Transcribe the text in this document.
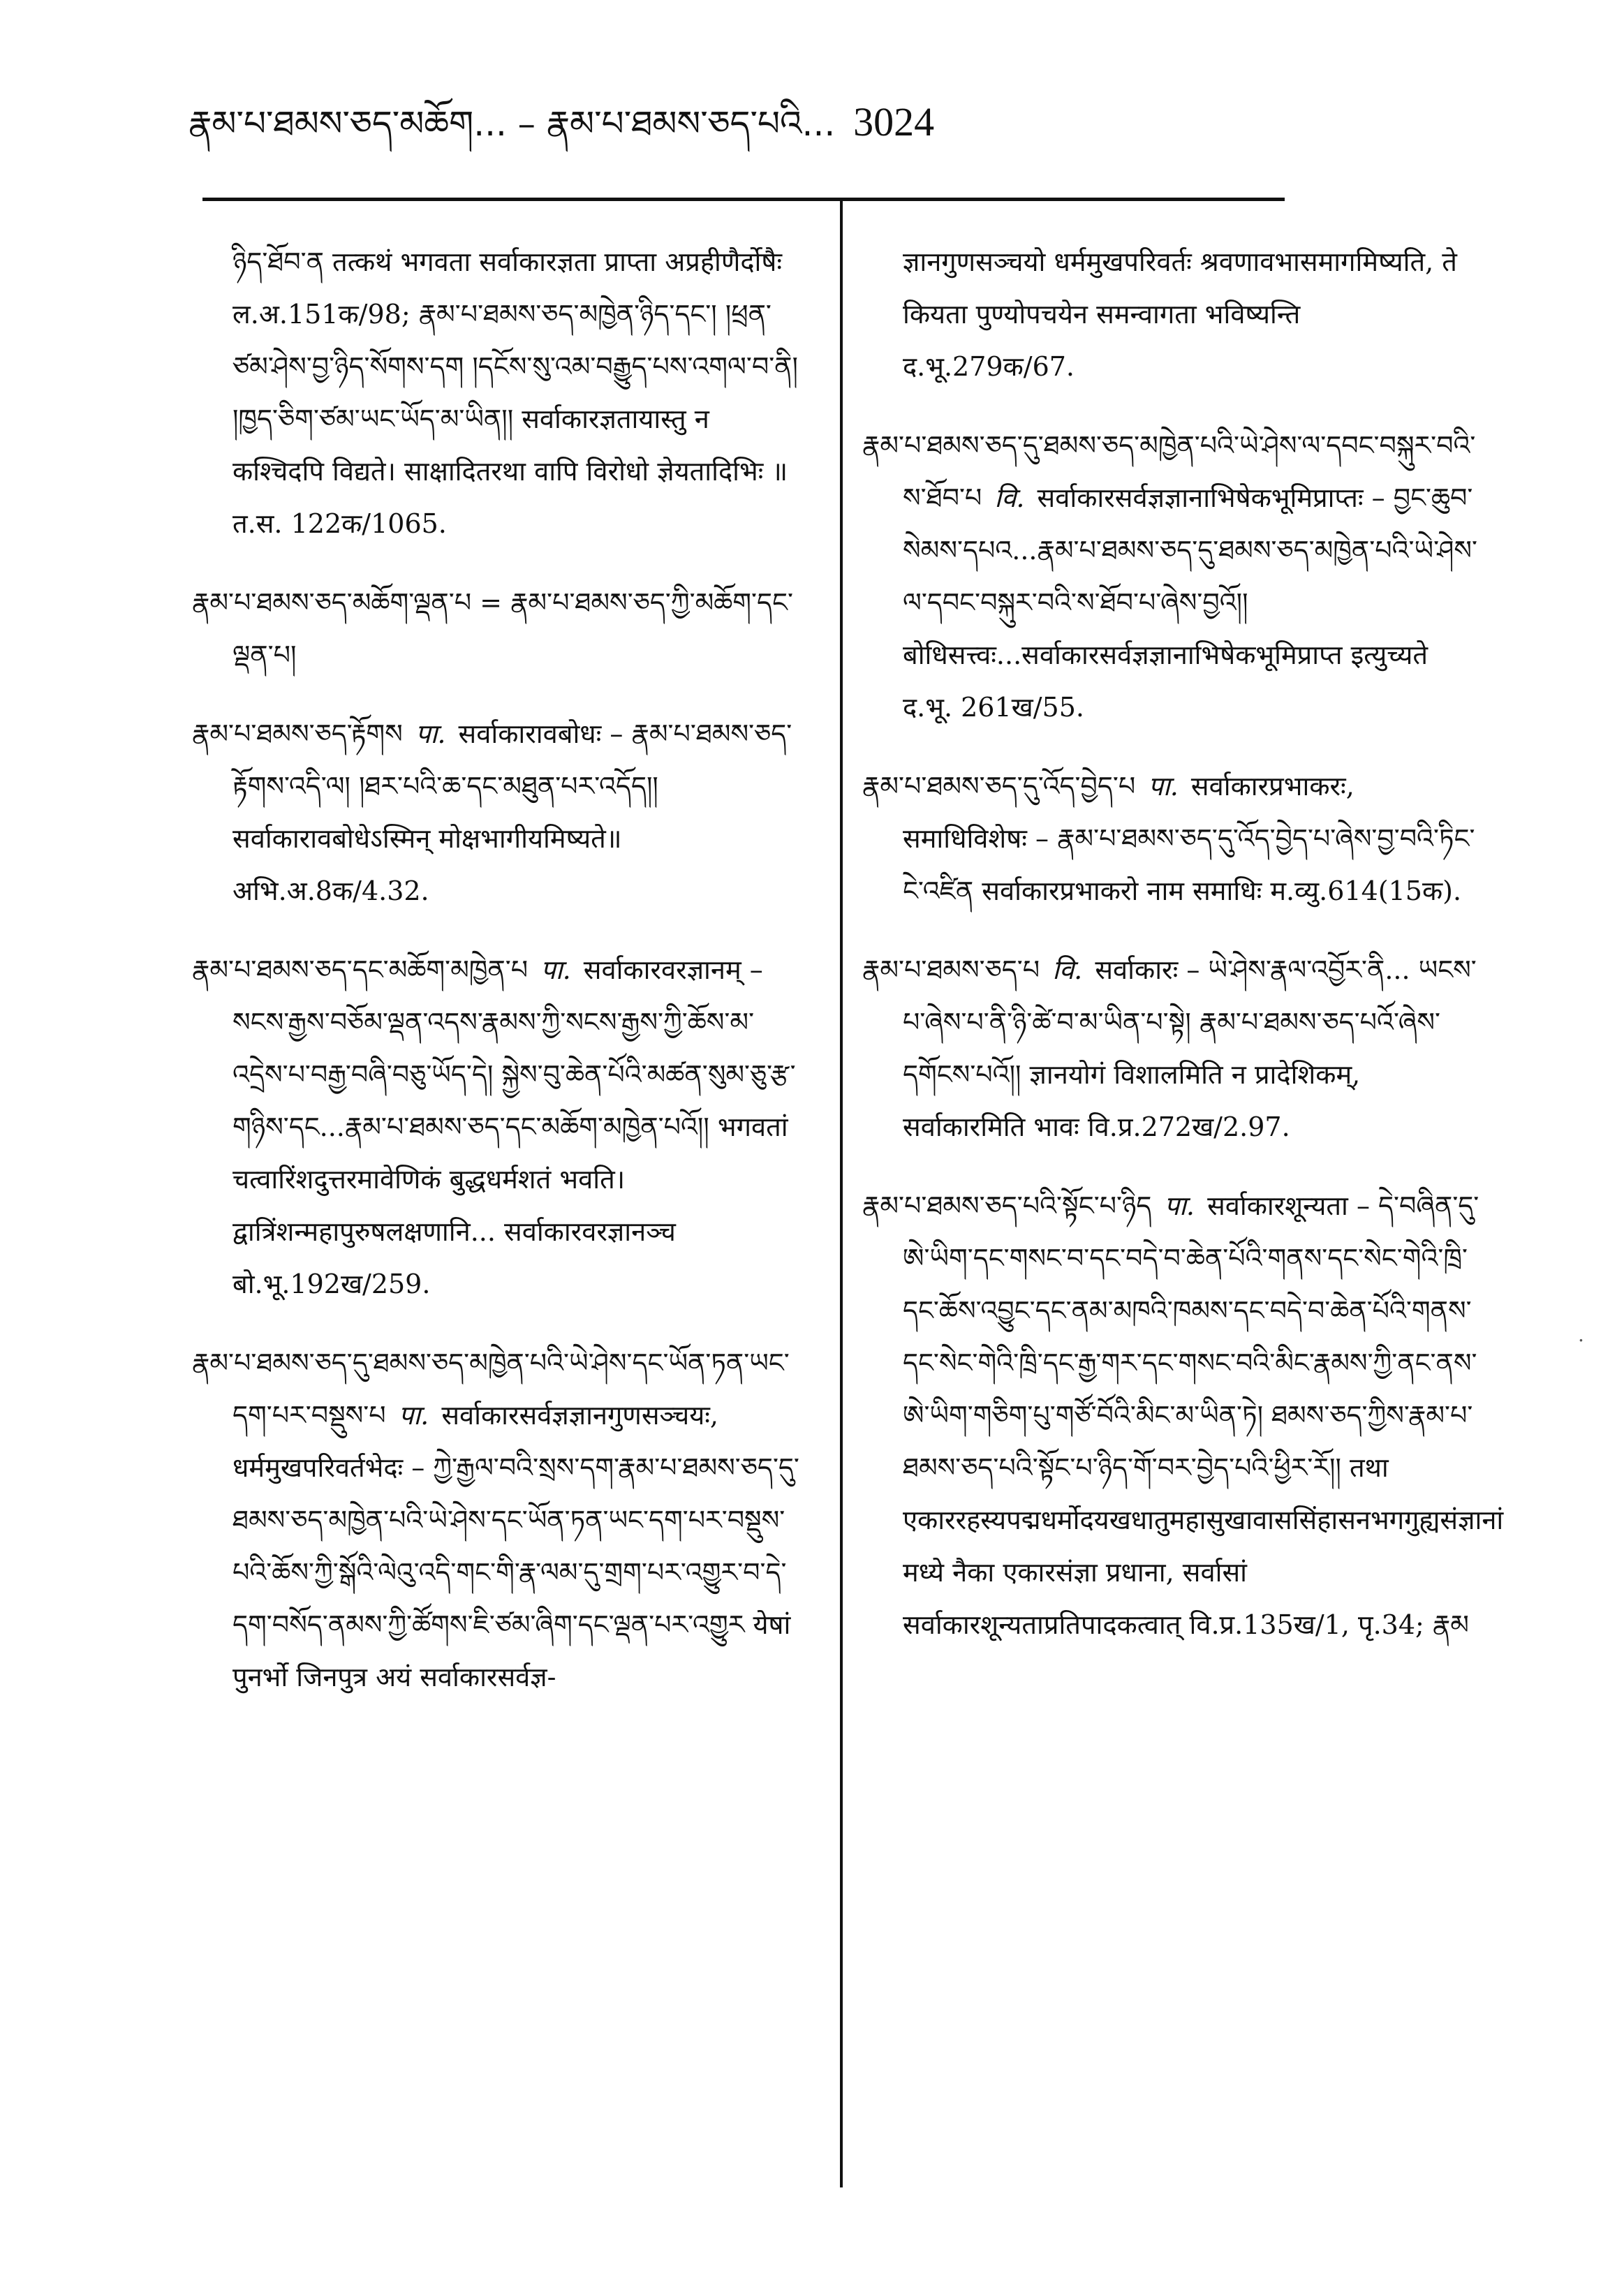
རྣམ་པ་ཐམས་ཅད་མཆོག... – རྣམ་པ་ཐམས་ཅད་པའི... 3024

ཉིད་ཐོབ་ན तत्कथं भगवता सर्वाकारज्ञता प्राप्ता अप्रहीणैर्दोषैः ल.अ.151क/98; རྣམ་པ་ཐམས་ཅད་མཁྱེན་ཉིད་དང་། །ཕྲན་ཙམ་ཤེས་བྱ་ཉིད་སོགས་དག །དངོས་སུ་འམ་བརྒྱུད་པས་འགལ་བ་ནི། །ཁྱད་ཅིག་ཙམ་ཡང་ཡོད་མ་ཡིན།། सर्वाकारज्ञतायास्तु न कश्चिदपि विद्यते। साक्षादितरथा वापि विरोधो ज्ञेयतादिभिः ॥ त.स. 122क/1065.

རྣམ་པ་ཐམས་ཅད་མཆོག་ལྡན་པ = རྣམ་པ་ཐམས་ཅད་ཀྱི་མཆོག་དང་ལྡན་པ།

རྣམ་པ་ཐམས་ཅད་རྟོགས पा. सर्वाकारावबोधः – རྣམ་པ་ཐམས་ཅད་རྟོགས་འདི་ལ། །ཐར་པའི་ཆ་དང་མཐུན་པར་འདོད།། सर्वाकारावबोधेऽस्मिन् मोक्षभागीयमिष्यते॥ अभि.अ.8क/4.32.

རྣམ་པ་ཐམས་ཅད་དང་མཆོག་མཁྱེན་པ पा. सर्वाकारवरज्ञानम् – སངས་རྒྱས་བཅོམ་ལྡན་འདས་རྣམས་ཀྱི་སངས་རྒྱས་ཀྱི་ཆོས་མ་འདྲེས་པ་བརྒྱ་བཞི་བཅུ་ཡོད་དེ། སྐྱེས་བུ་ཆེན་པོའི་མཚན་སུམ་ཅུ་རྩ་གཉིས་དང...རྣམ་པ་ཐམས་ཅད་དང་མཆོག་མཁྱེན་པའོ།། भगवतां चत्वारिंशदुत्तरमावेणिकं बुद्धधर्मशतं भवति। द्वात्रिंशन्महापुरुषलक्षणानि... सर्वाकारवरज्ञानञ्च बो.भू.192ख/259.

རྣམ་པ་ཐམས་ཅད་དུ་ཐམས་ཅད་མཁྱེན་པའི་ཡེ་ཤེས་དང་ཡོན་ཏན་ཡང་དག་པར་བསྡུས་པ पा. सर्वाकारसर्वज्ञज्ञानगुणसञ्चयः, धर्ममुखपरिवर्तभेदः – ཀྱེ་རྒྱལ་བའི་སྲས་དག་རྣམ་པ་ཐམས་ཅད་དུ་ཐམས་ཅད་མཁྱེན་པའི་ཡེ་ཤེས་དང་ཡོན་ཏན་ཡང་དག་པར་བསྡུས་པའི་ཆོས་ཀྱི་སྒོའི་ལེའུ་འདི་གང་གི་རྣ་ལམ་དུ་གྲག་པར་འགྱུར་བ་དེ་དག་བསོད་ནམས་ཀྱི་ཚོགས་ཇི་ཙམ་ཞིག་དང་ལྡན་པར་འགྱུར येषां पुनर्भो जिनपुत्र अयं सर्वाकारसर्वज्ञ-

ज्ञानगुणसञ्चयो धर्ममुखपरिवर्तः श्रवणावभासमागमिष्यति, ते कियता पुण्योपचयेन समन्वागता भविष्यन्ति द.भू.279क/67.

རྣམ་པ་ཐམས་ཅད་དུ་ཐམས་ཅད་མཁྱེན་པའི་ཡེ་ཤེས་ལ་དབང་བསྐུར་བའི་ས་ཐོབ་པ वि. सर्वाकारसर्वज्ञज्ञानाभिषेकभूमिप्राप्तः – བྱང་ཆུབ་སེམས་དཔའ...རྣམ་པ་ཐམས་ཅད་དུ་ཐམས་ཅད་མཁྱེན་པའི་ཡེ་ཤེས་ལ་དབང་བསྐུར་བའི་ས་ཐོབ་པ་ཞེས་བྱའོ།། बोधिसत्त्वः...सर्वाकारसर्वज्ञज्ञानाभिषेकभूमिप्राप्त इत्युच्यते द.भू. 261ख/55.

རྣམ་པ་ཐམས་ཅད་དུ་འོད་བྱེད་པ पा. सर्वाकारप्रभाकरः, समाधिविशेषः – རྣམ་པ་ཐམས་ཅད་དུ་འོད་བྱེད་པ་ཞེས་བྱ་བའི་ཏིང་ངེ་འཛིན सर्वाकारप्रभाकरो नाम समाधिः म.व्यु.614(15क).

རྣམ་པ་ཐམས་ཅད་པ वि. सर्वाकारः – ཡེ་ཤེས་རྣལ་འབྱོར་ནི... ཡངས་པ་ཞེས་པ་ནི་ཉི་ཚེ་བ་མ་ཡིན་པ་སྟེ། རྣམ་པ་ཐམས་ཅད་པའོ་ཞེས་དགོངས་པའོ།། ज्ञानयोगं विशालमिति न प्रादेशिकम्, सर्वाकारमिति भावः वि.प्र.272ख/2.97.

རྣམ་པ་ཐམས་ཅད་པའི་སྟོང་པ་ཉིད पा. सर्वाकारशून्यता – དེ་བཞིན་དུ་ཨེ་ཡིག་དང་གསང་བ་དང་བདེ་བ་ཆེན་པོའི་གནས་དང་སེང་གེའི་ཁྲི་དང་ཆོས་འབྱུང་དང་ནམ་མཁའི་ཁམས་དང་བདེ་བ་ཆེན་པོའི་གནས་དང་སེང་གེའི་ཁྲི་དང་རྒྱ་གར་དང་གསང་བའི་མིང་རྣམས་ཀྱི་ནང་ནས་ཨེ་ཡིག་གཅིག་པུ་གཙོ་བོའི་མིང་མ་ཡིན་ཏེ། ཐམས་ཅད་ཀྱིས་རྣམ་པ་ཐམས་ཅད་པའི་སྟོང་པ་ཉིད་གོ་བར་བྱེད་པའི་ཕྱིར་རོ།། तथा एकाररहस्यपद्मधर्मोदयखधातुमहासुखावाससिंहासनभगगुह्यसंज्ञानां मध्ये नैका एकारसंज्ञा प्रधाना, सर्वासां सर्वाकारशून्यताप्रतिपादकत्वात् वि.प्र.135ख/1, पृ.34; རྣམ

.
